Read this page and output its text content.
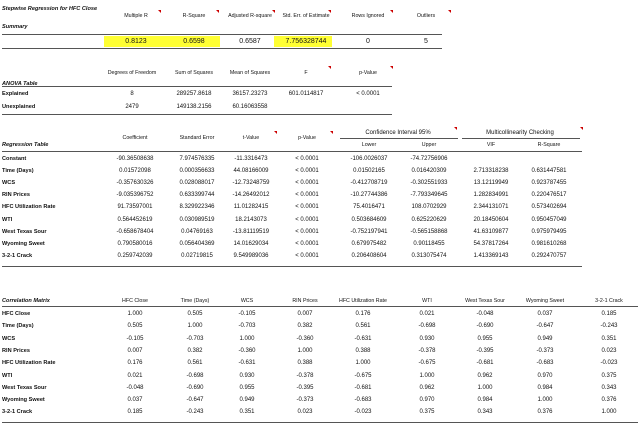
Stepwise Regression for HFC Close
Summary
Multiple R	R-Square	Adjusted R-square	Std. Err. of Estimate	Rows Ignored	Outliers
0.8123	0.6598	0.6587	7.756328744	0	5
ANOVA Table
Degrees of Freedom	Sum of Squares	Mean of Squares	F	p-Value
Explained	8	289257.8618	36157.23273	601.0114817	< 0.0001
Unexplained	2479	149138.2156	60.16063558
Regression Table
Confidence Interval 95%	Multicollinearity Checking
Coefficient	Standard Error	t-Value	p-Value
Lower	Upper	VIF	R-Square
Constant	-90.36508638	7.974576335	-11.3316473	< 0.0001	-106.0026037	-74.72756906
Time (Days)	0.01572098	0.000356633	44.08166009	< 0.0001	0.01502165	0.016420309	2.713318238	0.631447581
WCS	-0.357630326	0.028088017	-12.73248759	< 0.0001	-0.412708719	-0.302551933	13.12119949	0.923787455
RIN Prices	-9.035396752	0.633399744	-14.26492012	< 0.0001	-10.27744386	-7.793349645	1.282834991	0.220476517
HFC Utilization Rate	91.73597001	8.329922346	11.01282415	< 0.0001	75.4016471	108.0702929	2.344131071	0.573402694
WTI	0.564452619	0.030989519	18.2143073	< 0.0001	0.503684609	0.625220629	20.18450604	0.950457049
West Texas Sour	-0.658678404	0.04769163	-13.81119519	< 0.0001	-0.752197941	-0.565158868	41.63109877	0.975979495
Wyoming Sweet	0.790580016	0.056404369	14.01629034	< 0.0001	0.679975482	0.90118455	54.37817264	0.981610268
3-2-1 Crack	0.259742039	0.02719815	9.549989036	< 0.0001	0.206408604	0.313075474	1.413369143	0.292470757
Correlation Matrix	HFC Close	Time (Days)	WCS	RIN Prices	HFC Utilization Rate	WTI	West Texas Sour	Wyoming Sweet	3-2-1 Crack
HFC Close	1.000	0.505	-0.105	0.007	0.176	0.021	-0.048	0.037	0.185
Time (Days)	0.505	1.000	-0.703	0.382	0.561	-0.698	-0.690	-0.647	-0.243
WCS	-0.105	-0.703	1.000	-0.360	-0.631	0.930	0.955	0.949	0.351
RIN Prices	0.007	0.382	-0.360	1.000	0.388	-0.378	-0.395	-0.373	0.023
HFC Utilization Rate	0.176	0.561	-0.631	0.388	1.000	-0.675	-0.681	-0.683	-0.023
WTI	0.021	-0.698	0.930	-0.378	-0.675	1.000	0.962	0.970	0.375
West Texas Sour	-0.048	-0.690	0.955	-0.395	-0.681	0.962	1.000	0.984	0.343
Wyoming Sweet	0.037	-0.647	0.949	-0.373	-0.683	0.970	0.984	1.000	0.376
3-2-1 Crack	0.185	-0.243	0.351	0.023	-0.023	0.375	0.343	0.376	1.000
